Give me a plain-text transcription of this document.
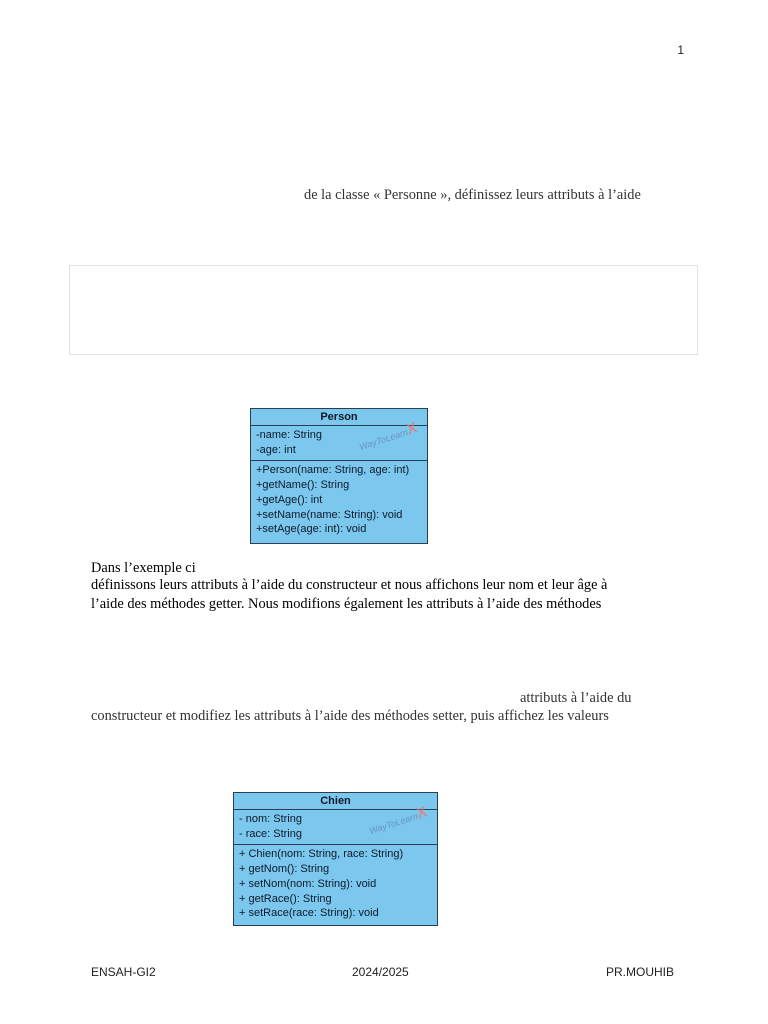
1
de la classe « Personne », définissez leurs attributs à l’aide
Person
-name: String
-age: int	WayToLearnX
+Person(name: String, age: int)
+getName(): String
+getAge(): int
+setName(name: String): void
+setAge(age: int): void
Dans l’exemple ci
définissons leurs attributs à l’aide du constructeur et nous affichons leur nom et leur âge à
l’aide des méthodes getter. Nous modifions également les attributs à l’aide des méthodes
attributs à l’aide du
constructeur et modifiez les attributs à l’aide des méthodes setter, puis affichez les valeurs
Chien
- nom: String
- race: String	WayToLearnX
+ Chien(nom: String, race: String)
+ getNom(): String
+ setNom(nom: String): void
+ getRace(): String
+ setRace(race: String): void
ENSAH-GI2	2024/2025	PR.MOUHIB
